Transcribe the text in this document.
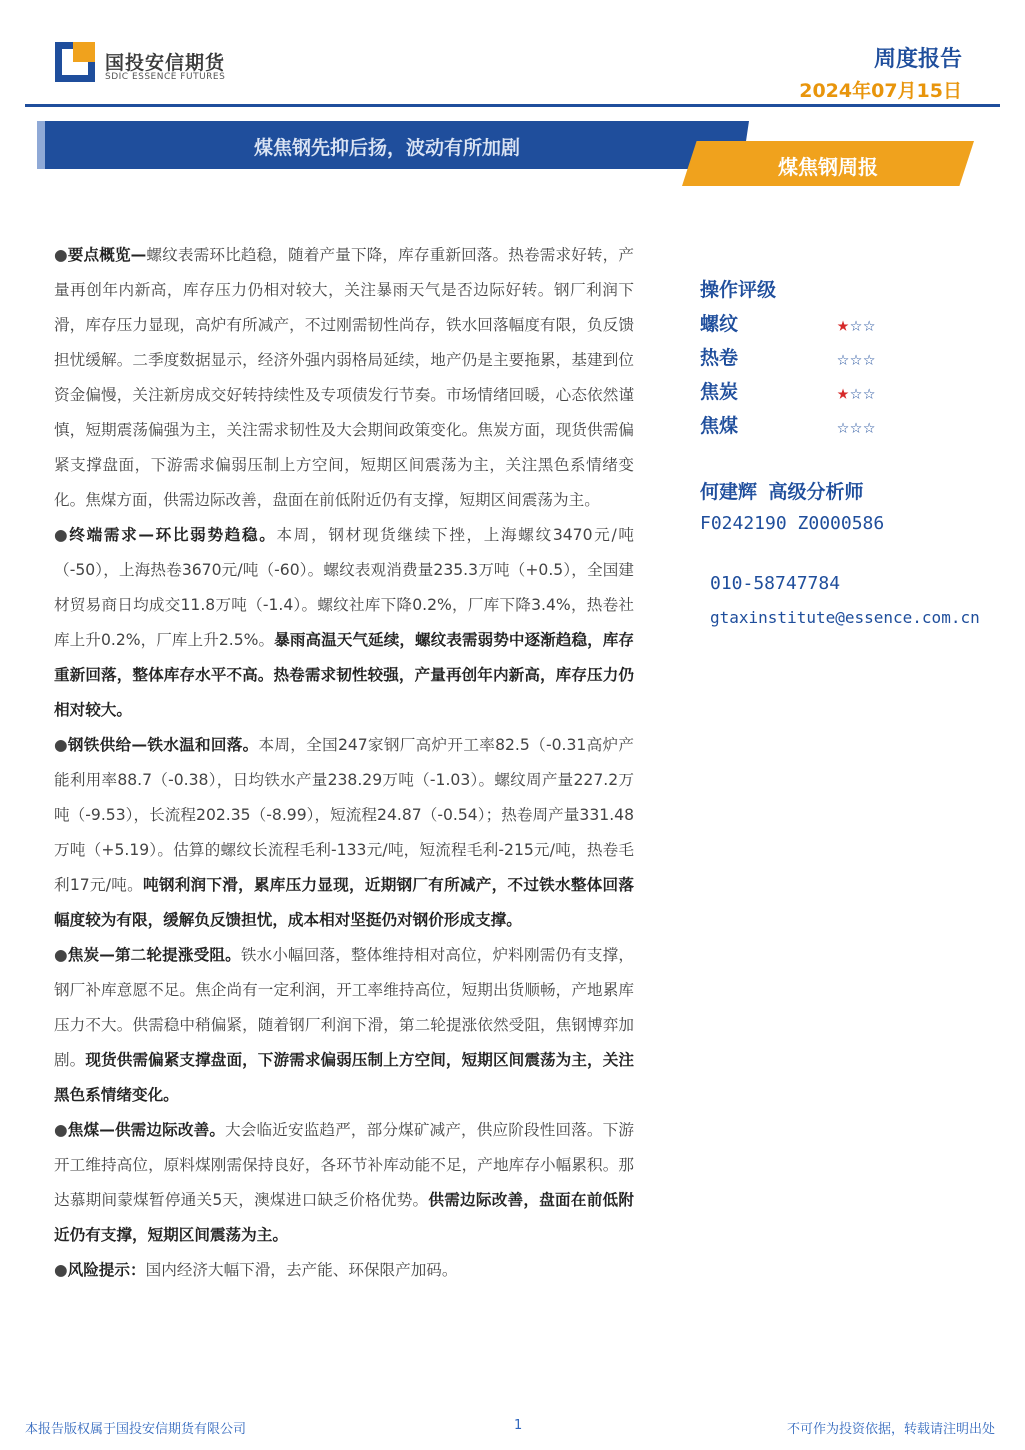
国投安信期货
SDIC ESSENCE FUTURES
周度报告
2024年07月15日
煤焦钢先抑后扬，波动有所加剧
煤焦钢周报

●要点概览—螺纹表需环比趋稳，随着产量下降，库存重新回落。热卷需求好转，产量再创年内新高，库存压力仍相对较大，关注暴雨天气是否边际好转。钢厂利润下滑，库存压力显现，高炉有所减产，不过刚需韧性尚存，铁水回落幅度有限，负反馈担忧缓解。二季度数据显示，经济外强内弱格局延续，地产仍是主要拖累，基建到位资金偏慢，关注新房成交好转持续性及专项债发行节奏。市场情绪回暖，心态依然谨慎，短期震荡偏强为主，关注需求韧性及大会期间政策变化。焦炭方面，现货供需偏紧支撑盘面，下游需求偏弱压制上方空间，短期区间震荡为主，关注黑色系情绪变化。焦煤方面，供需边际改善，盘面在前低附近仍有支撑，短期区间震荡为主。

●终端需求—环比弱势趋稳。本周，钢材现货继续下挫，上海螺纹3470元/吨（-50），上海热卷3670元/吨（-60）。螺纹表观消费量235.3万吨（+0.5），全国建材贸易商日均成交11.8万吨（-1.4）。螺纹社库下降0.2%，厂库下降3.4%，热卷社库上升0.2%，厂库上升2.5%。暴雨高温天气延续，螺纹表需弱势中逐渐趋稳，库存重新回落，整体库存水平不高。热卷需求韧性较强，产量再创年内新高，库存压力仍相对较大。

●钢铁供给—铁水温和回落。本周，全国247家钢厂高炉开工率82.5（-0.31高炉产能利用率88.7（-0.38），日均铁水产量238.29万吨（-1.03）。螺纹周产量227.2万吨（-9.53），长流程202.35（-8.99），短流程24.87（-0.54）；热卷周产量331.48万吨（+5.19）。估算的螺纹长流程毛利-133元/吨，短流程毛利-215元/吨，热卷毛利17元/吨。吨钢利润下滑，累库压力显现，近期钢厂有所减产，不过铁水整体回落幅度较为有限，缓解负反馈担忧，成本相对坚挺仍对钢价形成支撑。

●焦炭—第二轮提涨受阻。铁水小幅回落，整体维持相对高位，炉料刚需仍有支撑，钢厂补库意愿不足。焦企尚有一定利润，开工率维持高位，短期出货顺畅，产地累库压力不大。供需稳中稍偏紧，随着钢厂利润下滑，第二轮提涨依然受阻，焦钢博弈加剧。现货供需偏紧支撑盘面，下游需求偏弱压制上方空间，短期区间震荡为主，关注黑色系情绪变化。

●焦煤—供需边际改善。大会临近安监趋严，部分煤矿减产，供应阶段性回落。下游开工维持高位，原料煤刚需保持良好，各环节补库动能不足，产地库存小幅累积。那达慕期间蒙煤暂停通关5天，澳煤进口缺乏价格优势。供需边际改善，盘面在前低附近仍有支撑，短期区间震荡为主。

●风险提示：国内经济大幅下滑，去产能、环保限产加码。

操作评级
螺纹	★☆☆
热卷	☆☆☆
焦炭	★☆☆
焦煤	☆☆☆
何建辉 高级分析师
F0242190 Z0000586
010-58747784
gtaxinstitute@essence.com.cn
本报告版权属于国投安信期货有限公司	1	不可作为投资依据，转载请注明出处
